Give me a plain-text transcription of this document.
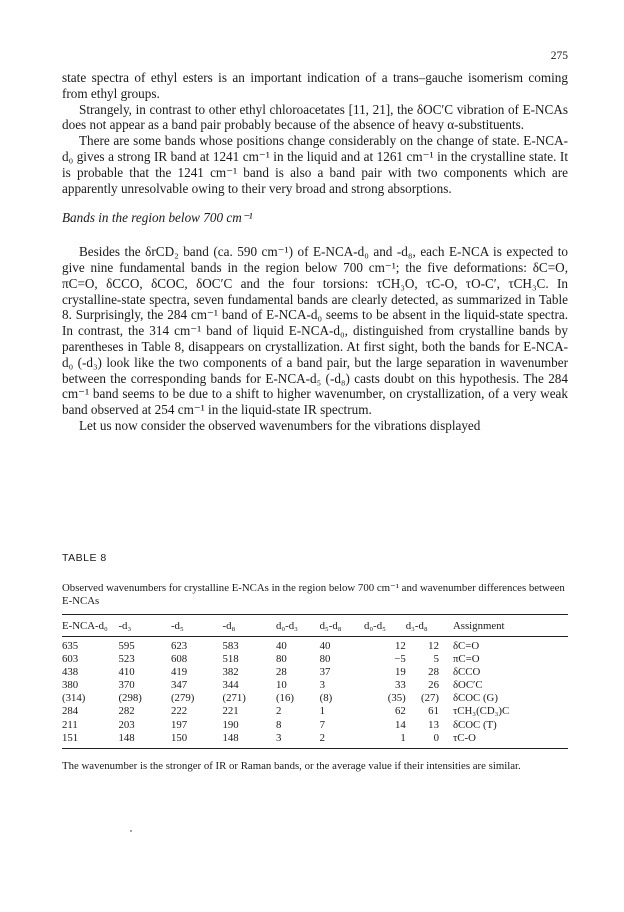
275

state spectra of ethyl esters is an important indication of a trans–gauche isomerism coming from ethyl groups.

Strangely, in contrast to other ethyl chloroacetates [11, 21], the δOC′C vibration of E-NCAs does not appear as a band pair probably because of the absence of heavy α-substituents.

There are some bands whose positions change considerably on the change of state. E-NCA-d₀ gives a strong IR band at 1241 cm⁻¹ in the liquid and at 1261 cm⁻¹ in the crystalline state. It is probable that the 1241 cm⁻¹ band is also a band pair with two components which are apparently unresolvable owing to their very broad and strong absorptions.

Bands in the region below 700 cm⁻¹

Besides the δrCD₂ band (ca. 590 cm⁻¹) of E-NCA-d₀ and -d₈, each E-NCA is expected to give nine fundamental bands in the region below 700 cm⁻¹; the five deformations: δC=O, πC=O, δCCO, δCOC, δOC′C and the four torsions: τCH₃O, τC-O, τO-C′, τCH₃C. In crystalline-state spectra, seven fundamental bands are clearly detected, as summarized in Table 8. Surprisingly, the 284 cm⁻¹ band of E-NCA-d₀ seems to be absent in the liquid-state spectra. In contrast, the 314 cm⁻¹ band of liquid E-NCA-d₀, distinguished from crystalline bands by parentheses in Table 8, disappears on crystallization. At first sight, both the bands for E-NCA-d₀ (-d₃) look like the two components of a band pair, but the large separation in wavenumber between the corresponding bands for E-NCA-d₅ (-d₈) casts doubt on this hypothesis. The 284 cm⁻¹ band seems to be due to a shift to higher wavenumber, on crystallization, of a very weak band observed at 254 cm⁻¹ in the liquid-state IR spectrum.

Let us now consider the observed wavenumbers for the vibrations displayed

TABLE 8
Observed wavenumbers for crystalline E-NCAs in the region below 700 cm⁻¹ and wavenumber differences between E-NCAs
E-NCA-d₀	-d₃	-d₅	-d₈	d₀-d₃	d₅-d₈	d₀-d₅	d₃-d₈	Assignment
635	595	623	583	40	40	12	12	δC=O
603	523	608	518	80	80	−5	5	πC=O
438	410	419	382	28	37	19	28	δCCO
380	370	347	344	10	3	33	26	δOC′C
(314)	(298)	(279)	(271)	(16)	(8)	(35)	(27)	δCOC (G)
284	282	222	221	2	1	62	61	τCH₃(CD₃)C
211	203	197	190	8	7	14	13	δCOC (T)
151	148	150	148	3	2	1	0	τC-O
The wavenumber is the stronger of IR or Raman bands, or the average value if their intensities are similar.
